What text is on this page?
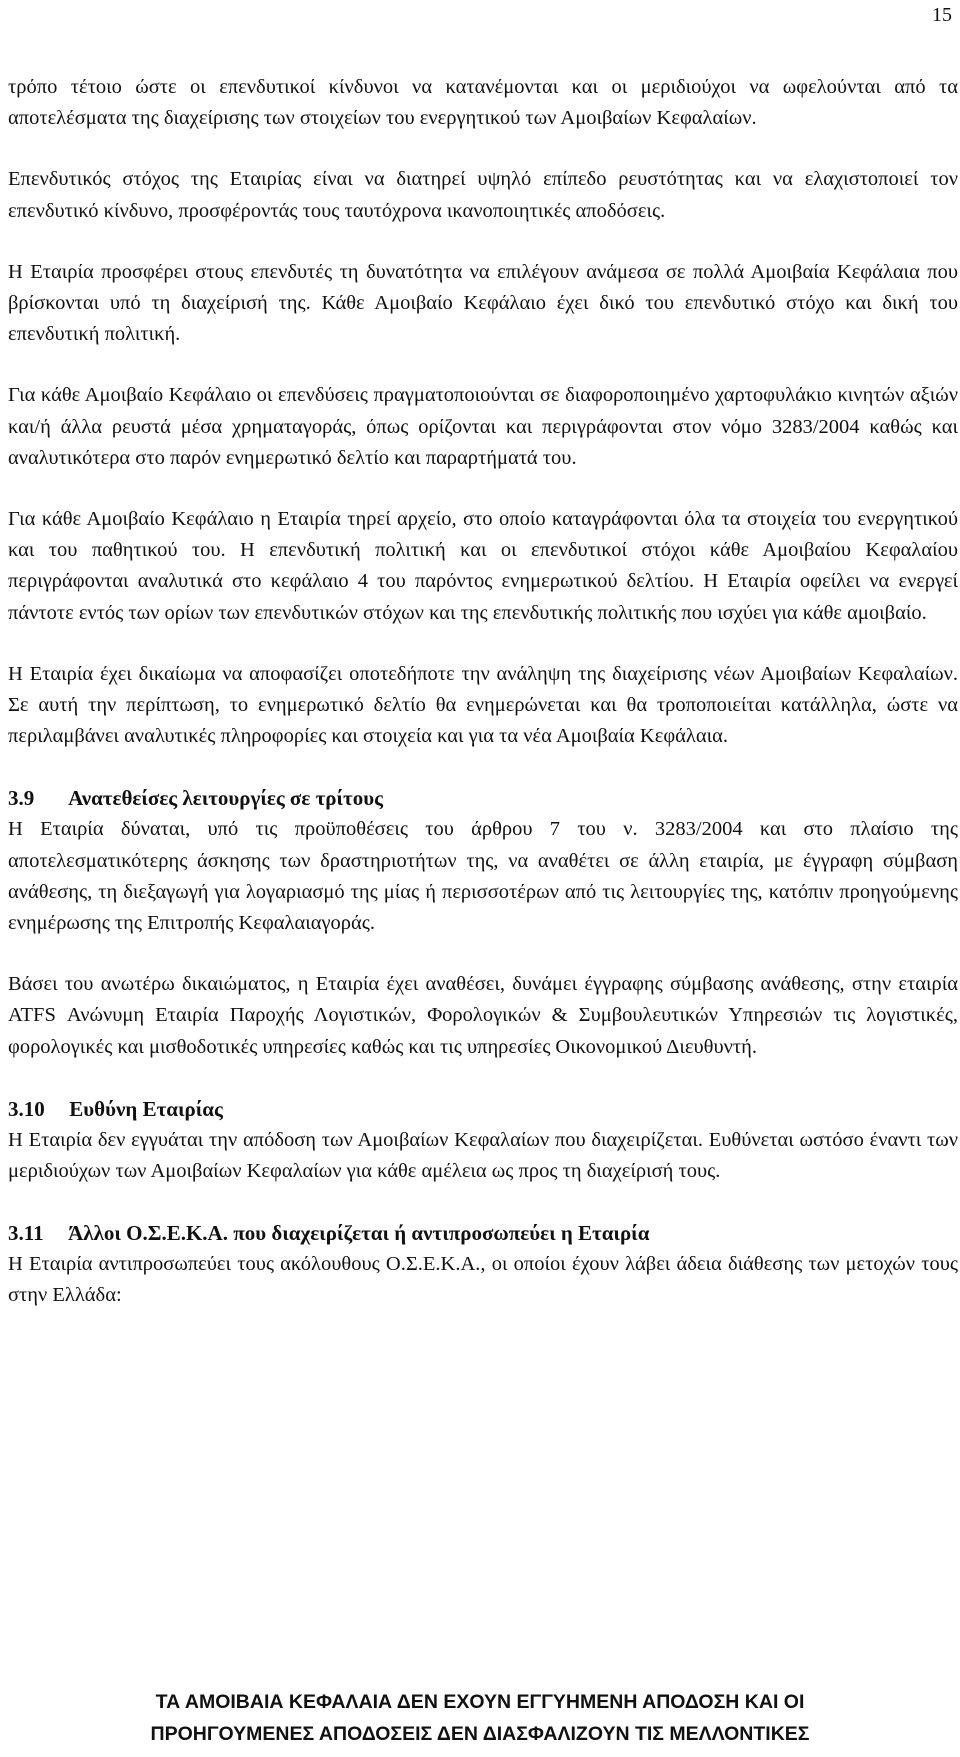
15

τρόπο τέτοιο ώστε οι επενδυτικοί κίνδυνοι να κατανέμονται και οι μεριδιούχοι να ωφελούνται από τα αποτελέσματα της διαχείρισης των στοιχείων του ενεργητικού των Αμοιβαίων Κεφαλαίων.

Επενδυτικός στόχος της Εταιρίας είναι να διατηρεί υψηλό επίπεδο ρευστότητας και να ελαχιστοποιεί τον επενδυτικό κίνδυνο, προσφέροντάς τους ταυτόχρονα ικανοποιητικές αποδόσεις.

Η Εταιρία προσφέρει στους επενδυτές τη δυνατότητα να επιλέγουν ανάμεσα σε πολλά Αμοιβαία Κεφάλαια που βρίσκονται υπό τη διαχείρισή της. Κάθε Αμοιβαίο Κεφάλαιο έχει δικό του επενδυτικό στόχο και δική του επενδυτική πολιτική.

Για κάθε Αμοιβαίο Κεφάλαιο οι επενδύσεις πραγματοποιούνται σε διαφοροποιημένο χαρτοφυλάκιο κινητών αξιών και/ή άλλα ρευστά μέσα χρηματαγοράς, όπως ορίζονται και περιγράφονται στον νόμο 3283/2004 καθώς και αναλυτικότερα στο παρόν ενημερωτικό δελτίο και παραρτήματά του.

Για κάθε Αμοιβαίο Κεφάλαιο η Εταιρία τηρεί αρχείο, στο οποίο καταγράφονται όλα τα στοιχεία του ενεργητικού και του παθητικού του. Η επενδυτική πολιτική και οι επενδυτικοί στόχοι κάθε Αμοιβαίου Κεφαλαίου περιγράφονται αναλυτικά στο κεφάλαιο 4 του παρόντος ενημερωτικού δελτίου. Η Εταιρία οφείλει να ενεργεί πάντοτε εντός των ορίων των επενδυτικών στόχων και της επενδυτικής πολιτικής που ισχύει για κάθε αμοιβαίο.

Η Εταιρία έχει δικαίωμα να αποφασίζει οποτεδήποτε την ανάληψη της διαχείρισης νέων Αμοιβαίων Κεφαλαίων. Σε αυτή την περίπτωση, το ενημερωτικό δελτίο θα ενημερώνεται και θα τροποποιείται κατάλληλα, ώστε να περιλαμβάνει αναλυτικές πληροφορίες και στοιχεία και για τα νέα Αμοιβαία Κεφάλαια.

3.9 Ανατεθείσες λειτουργίες σε τρίτους

Η Εταιρία δύναται, υπό τις προϋποθέσεις του άρθρου 7 του ν. 3283/2004 και στο πλαίσιο της αποτελεσματικότερης άσκησης των δραστηριοτήτων της, να αναθέτει σε άλλη εταιρία, με έγγραφη σύμβαση ανάθεσης, τη διεξαγωγή για λογαριασμό της μίας ή περισσοτέρων από τις λειτουργίες της, κατόπιν προηγούμενης ενημέρωσης της Επιτροπής Κεφαλαιαγοράς.

Βάσει του ανωτέρω δικαιώματος, η Εταιρία έχει αναθέσει, δυνάμει έγγραφης σύμβασης ανάθεσης, στην εταιρία ATFS Ανώνυμη Εταιρία Παροχής Λογιστικών, Φορολογικών & Συμβουλευτικών Υπηρεσιών τις λογιστικές, φορολογικές και μισθοδοτικές υπηρεσίες καθώς και τις υπηρεσίες Οικονομικού Διευθυντή.

3.10 Ευθύνη Εταιρίας

Η Εταιρία δεν εγγυάται την απόδοση των Αμοιβαίων Κεφαλαίων που διαχειρίζεται. Ευθύνεται ωστόσο έναντι των μεριδιούχων των Αμοιβαίων Κεφαλαίων για κάθε αμέλεια ως προς τη διαχείρισή τους.

3.11 Άλλοι Ο.Σ.Ε.Κ.Α. που διαχειρίζεται ή αντιπροσωπεύει η Εταιρία

Η Εταιρία αντιπροσωπεύει τους ακόλουθους Ο.Σ.Ε.Κ.Α., οι οποίοι έχουν λάβει άδεια διάθεσης των μετοχών τους στην Ελλάδα:

ΤΑ ΑΜΟΙΒΑΙΑ ΚΕΦΑΛΑΙΑ ΔΕΝ ΕΧΟΥΝ ΕΓΓΥΗΜΕΝΗ ΑΠΟΔΟΣΗ ΚΑΙ ΟΙ
ΠΡΟΗΓΟΥΜΕΝΕΣ ΑΠΟΔΟΣΕΙΣ ΔΕΝ ΔΙΑΣΦΑΛΙΖΟΥΝ ΤΙΣ ΜΕΛΛΟΝΤΙΚΕΣ
